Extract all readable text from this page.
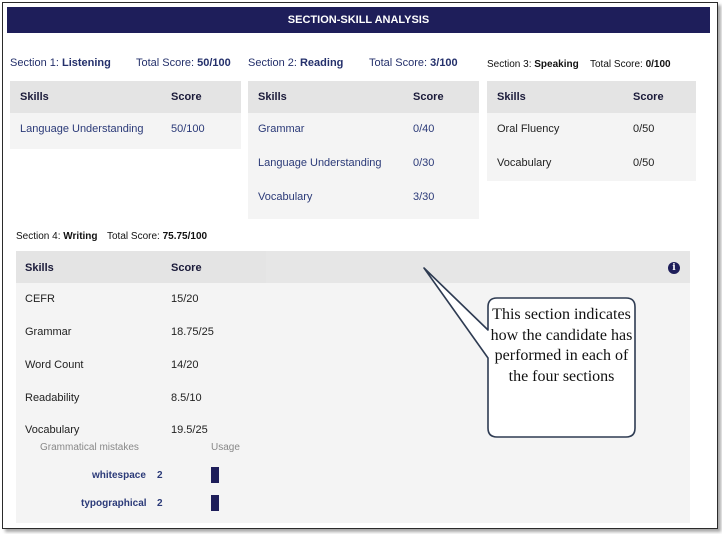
SECTION-SKILL ANALYSIS
Section 1: Listening Total Score: 50/100
Skills	Score
Language Understanding 50/100
Section 2: Reading Total Score: 3/100
Skills	Score
Grammar	0/40
Language Understanding	0/30
Vocabulary	3/30
Section 3: Speaking Total Score: 0/100
Skills	Score
Oral Fluency	0/50
Vocabulary	0/50
Section 4: Writing Total Score: 75.75/100
Skills	Score
CEFR	15/20
Grammar	18.75/25
Word Count	14/20
Readability	8.5/10
Vocabulary	19.5/25
Grammatical mistakes	Usage
whitespace 2
typographical 2
i
This section indicates how the candidate has performed in each of the four sections
